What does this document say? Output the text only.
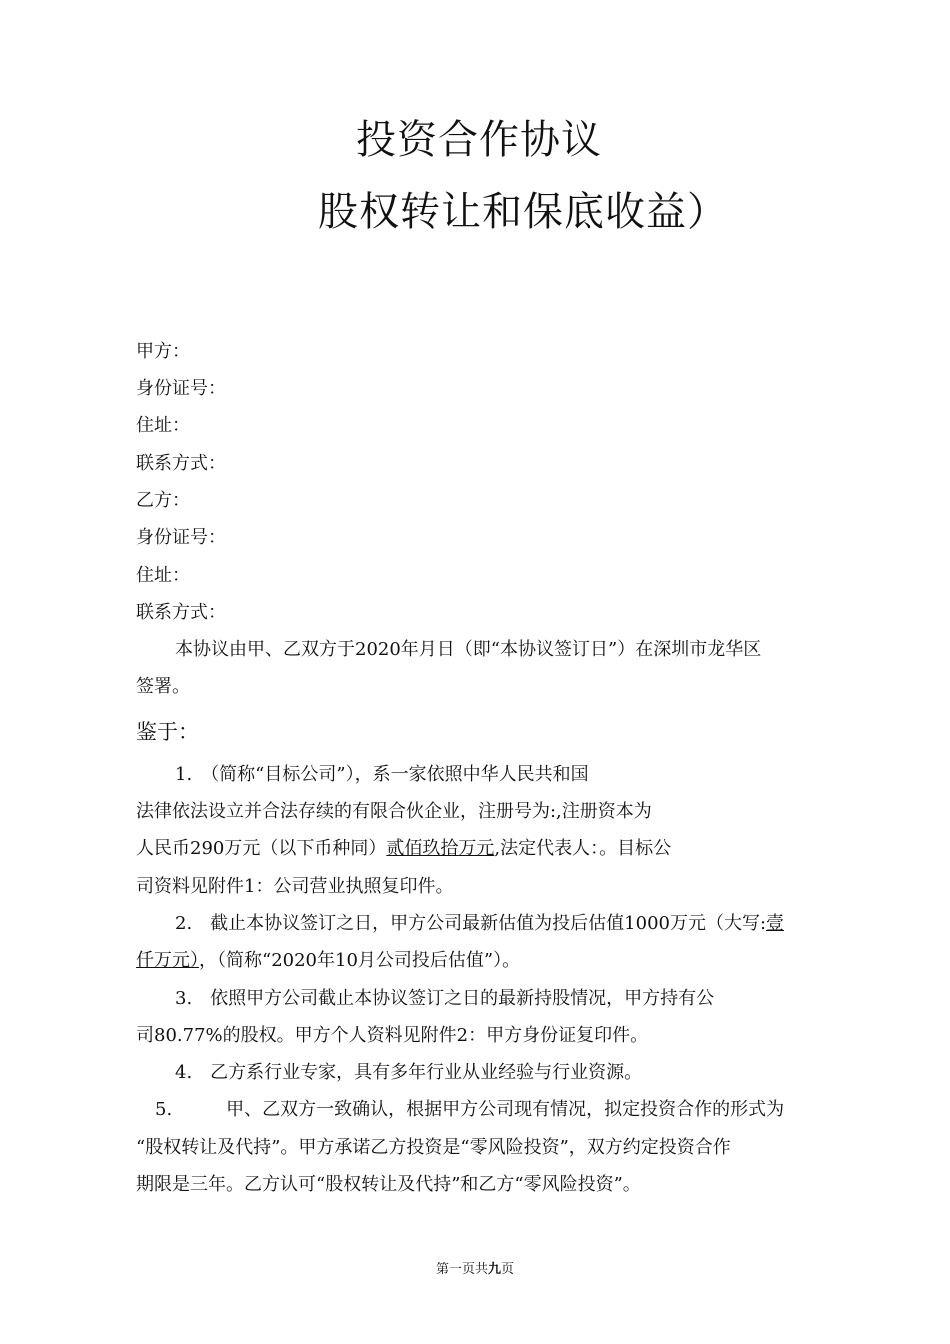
投资合作协议
股权转让和保底收益）
甲方：
身份证号：
住址：
联系方式：
乙方：
身份证号：
住址：
联系方式：
本协议由甲、乙双方于2020年月日（即“本协议签订日”）在深圳市龙华区
签署。
鉴于：
1.　（简称“目标公司”），系一家依照中华人民共和国
法律依法设立并合法存续的有限合伙企业，注册号为:,注册资本为
人民币290万元（以下币种同）贰佰玖拾万元,法定代表人：。目标公
司资料见附件1：公司营业执照复印件。
2.　截止本协议签订之日，甲方公司最新估值为投后估值1000万元（大写:壹
仟万元），（简称“2020年10月公司投后估值”）。
3.　依照甲方公司截止本协议签订之日的最新持股情况，甲方持有公
司80.77%的股权。甲方个人资料见附件2：甲方身份证复印件。
4.　乙方系行业专家，具有多年行业从业经验与行业资源。
5.　　　甲、乙双方一致确认，根据甲方公司现有情况，拟定投资合作的形式为
“股权转让及代持”。甲方承诺乙方投资是“零风险投资”，双方约定投资合作
期限是三年。乙方认可“股权转让及代持”和乙方“零风险投资”。
第一页共九页
